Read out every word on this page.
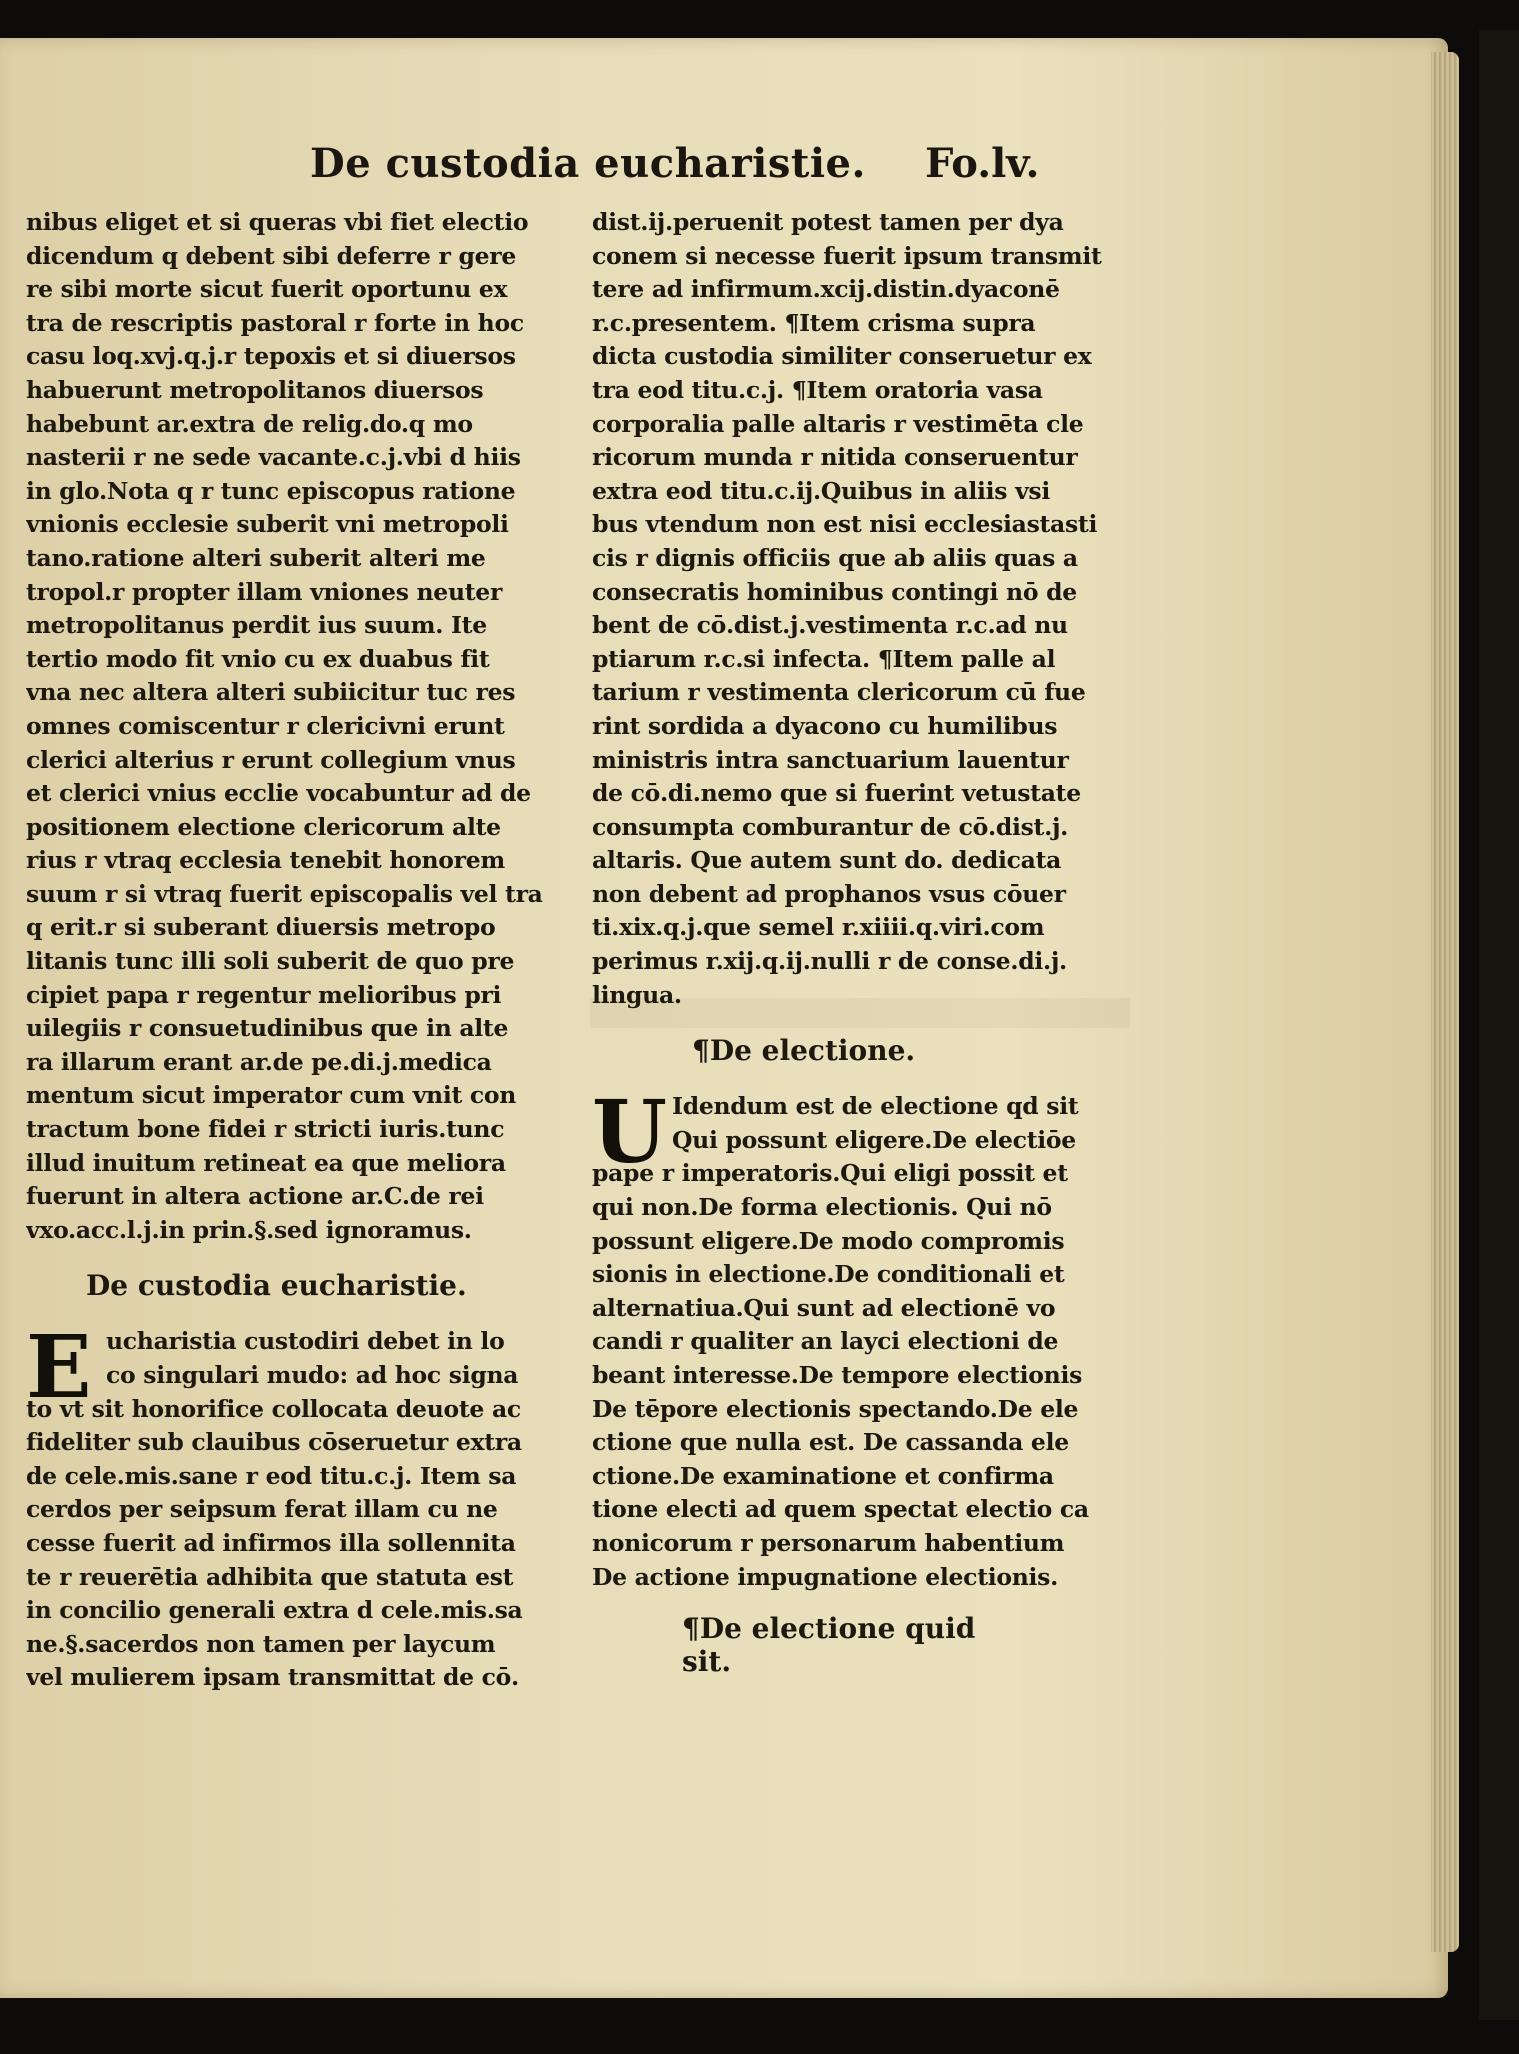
De custodia eucharistie. Fo.lv.
nibus eliget et si queras vbi fiet electio
dicendum q debent sibi deferre r gere
re sibi morte sicut fuerit oportunu ex
tra de rescriptis pastoral r forte in hoc
casu loq.xvj.q.j.r tepoxis et si diuersos
habuerunt metropolitanos diuersos
habebunt ar.extra de relig.do.q mo
nasterii r ne sede vacante.c.j.vbi d hiis
in glo.Nota q r tunc episcopus ratione
vnionis ecclesie suberit vni metropoli
tano.ratione alteri suberit alteri me
tropol.r propter illam vniones neuter
metropolitanus perdit ius suum. Ite
tertio modo fit vnio cu ex duabus fit
vna nec altera alteri subiicitur tuc res
omnes comiscentur r clericivni erunt
clerici alterius r erunt collegium vnus
et clerici vnius ecclie vocabuntur ad de
positionem electione clericorum alte
rius r vtraq ecclesia tenebit honorem
suum r si vtraq fuerit episcopalis vel tra
q erit.r si suberant diuersis metropo
litanis tunc illi soli suberit de quo pre
cipiet papa r regentur melioribus pri
uilegiis r consuetudinibus que in alte
ra illarum erant ar.de pe.di.j.medica
mentum sicut imperator cum vnit con
tractum bone fidei r stricti iuris.tunc
illud inuitum retineat ea que meliora
fuerunt in altera actione ar.C.de rei
vxo.acc.l.j.in prin.§.sed ignoramus.
De custodia eucharistie.
E ucharistia custodiri debet in lo
co singulari mudo: ad hoc signa
to vt sit honorifice collocata deuote ac
fideliter sub clauibus cōseruetur extra
de cele.mis.sane r eod titu.c.j. Item sa
cerdos per seipsum ferat illam cu ne
cesse fuerit ad infirmos illa sollennita
te r reuerētia adhibita que statuta est
in concilio generali extra d cele.mis.sa
ne.§.sacerdos non tamen per laycum
vel mulierem ipsam transmittat de cō.
dist.ij.peruenit potest tamen per dya
conem si necesse fuerit ipsum transmit
tere ad infirmum.xcij.distin.dyaconē
r.c.presentem. ¶Item crisma supra
dicta custodia similiter conseruetur ex
tra eod titu.c.j. ¶Item oratoria vasa
corporalia palle altaris r vestimēta cle
ricorum munda r nitida conseruentur
extra eod titu.c.ij.Quibus in aliis vsi
bus vtendum non est nisi ecclesiastasti
cis r dignis officiis que ab aliis quas a
consecratis hominibus contingi nō de
bent de cō.dist.j.vestimenta r.c.ad nu
ptiarum r.c.si infecta. ¶Item palle al
tarium r vestimenta clericorum cū fue
rint sordida a dyacono cu humilibus
ministris intra sanctuarium lauentur
de cō.di.nemo que si fuerint vetustate
consumpta comburantur de cō.dist.j.
altaris. Que autem sunt do. dedicata
non debent ad prophanos vsus cōuer
ti.xix.q.j.que semel r.xiiii.q.viri.com
perimus r.xij.q.ij.nulli r de conse.di.j.
lingua.
¶De electione.
U Idendum est de electione qd sit
Qui possunt eligere.De electiōe
pape r imperatoris.Qui eligi possit et
qui non.De forma electionis. Qui nō
possunt eligere.De modo compromis
sionis in electione.De conditionali et
alternatiua.Qui sunt ad electionē vo
candi r qualiter an layci electioni de
beant interesse.De tempore electionis
De tēpore electionis spectando.De ele
ctione que nulla est. De cassanda ele
ctione.De examinatione et confirma
tione electi ad quem spectat electio ca
nonicorum r personarum habentium
De actione impugnatione electionis.
¶De electione quid
sit.
